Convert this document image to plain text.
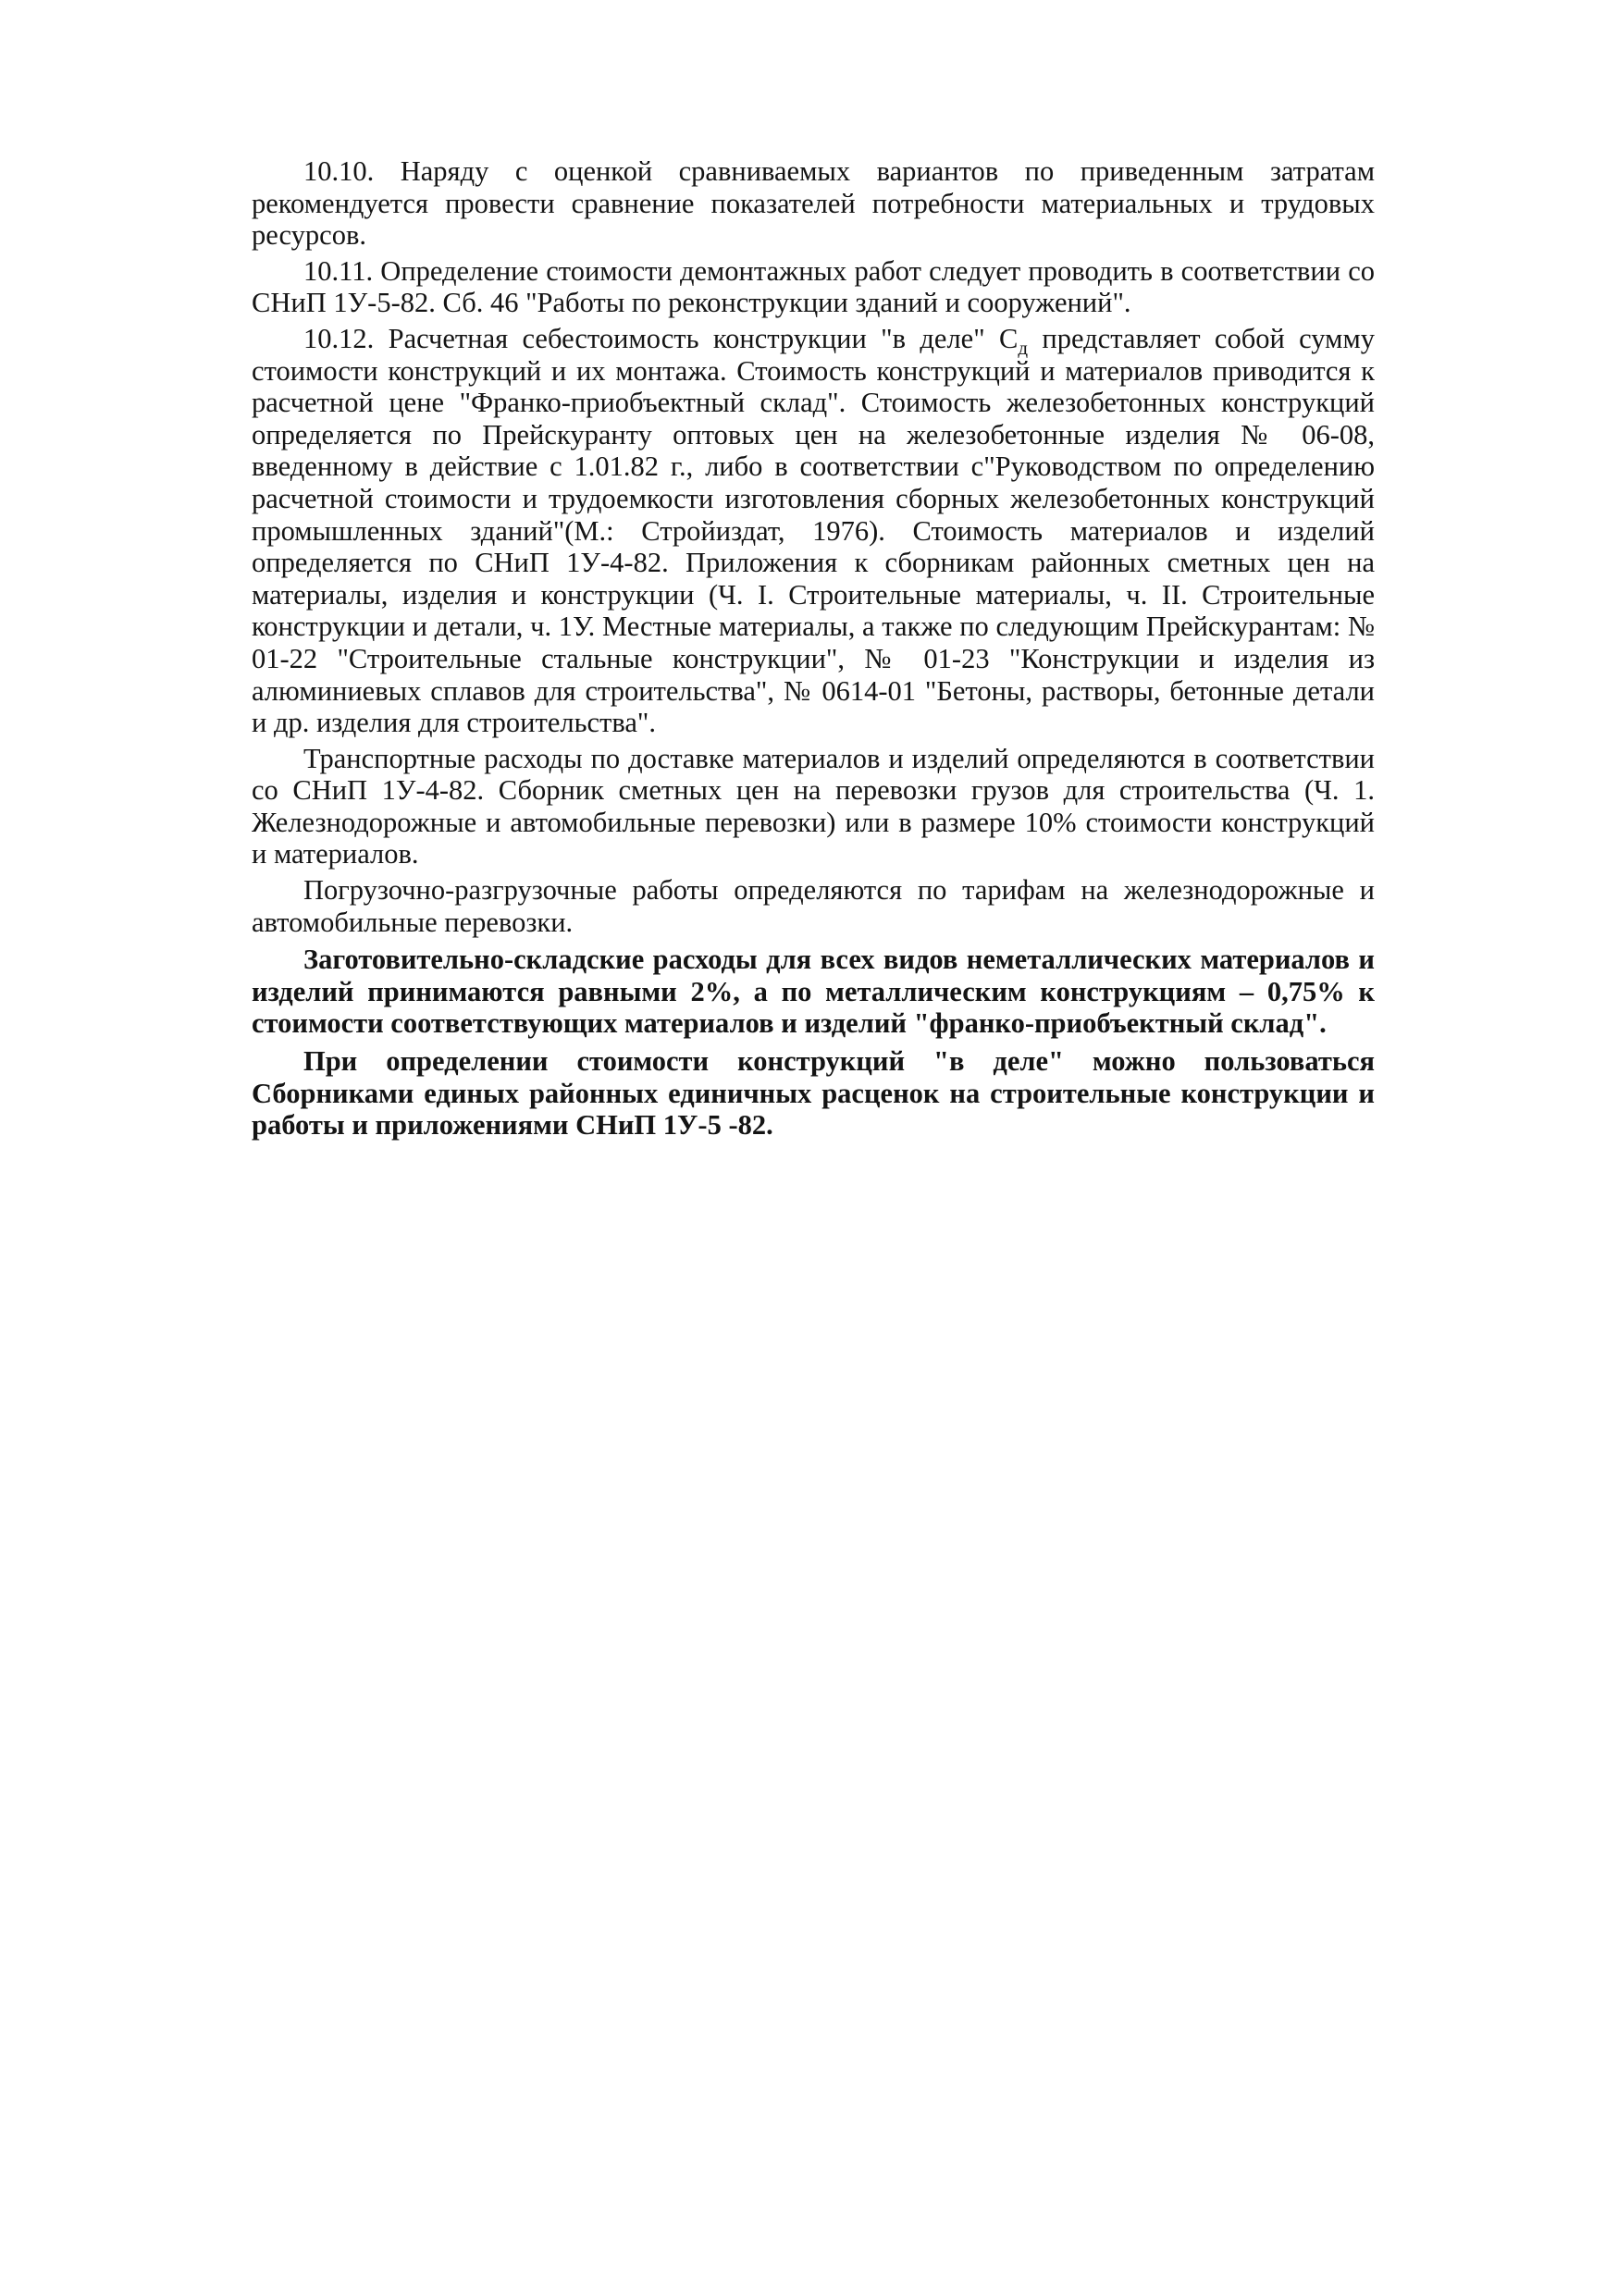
10.10. Наряду с оценкой сравниваемых вариантов по приведенным затратам рекомендуется провести сравнение показателей потребности материальных и трудовых ресурсов.

10.11. Определение стоимости демонтажных работ следует проводить в соответствии со СНиП 1У-5-82. Сб. 46 "Работы по реконструкции зданий и сооружений".

10.12. Расчетная себестоимость конструкции "в деле" $С_д$ представляет собой сумму стоимости конструкций и их монтажа. Стоимость конструкций и материалов приводится к расчетной цене "Франко-приобъектный склад". Стоимость железобетонных конструкций определяется по Прейскуранту оптовых цен на железобетонные изделия № 06-08, введенному в действие с 1.01.82 г., либо в соответствии с"Руководством по определению расчетной стоимости и трудоемкости изготовления сборных железобетонных конструкций промышленных зданий"(М.: Стройиздат, 1976). Стоимость материалов и изделий определяется по СНиП 1У-4-82. Приложения к сборникам районных сметных цен на материалы, изделия и конструкции (Ч. I. Строительные материалы, ч. II. Строительные конструкции и детали, ч. 1У. Местные материалы, а также по следующим Прейскурантам: № 01-22 "Строительные стальные конструкции", № 01-23 "Конструкции и изделия из алюминиевых сплавов для строительства", № 0614-01 "Бетоны, растворы, бетонные детали и др. изделия для строительства".

Транспортные расходы по доставке материалов и изделий определяются в соответствии со СНиП 1У-4-82. Сборник сметных цен на перевозки грузов для строительства (Ч. 1. Железнодорожные и автомобильные перевозки) или в размере 10% стоимости конструкций и материалов.

Погрузочно-разгрузочные работы определяются по тарифам на железнодорожные и автомобильные перевозки.

Заготовительно-складские расходы для всех видов неметаллических материалов и изделий принимаются равными 2%, а по металлическим конструкциям – 0,75% к стоимости соответствующих материалов и изделий "франко-приобъектный склад".

При определении стоимости конструкций "в деле" можно пользоваться Сборниками единых районных единичных расценок на строительные конструкции и работы и приложениями СНиП 1У-5 -82.
